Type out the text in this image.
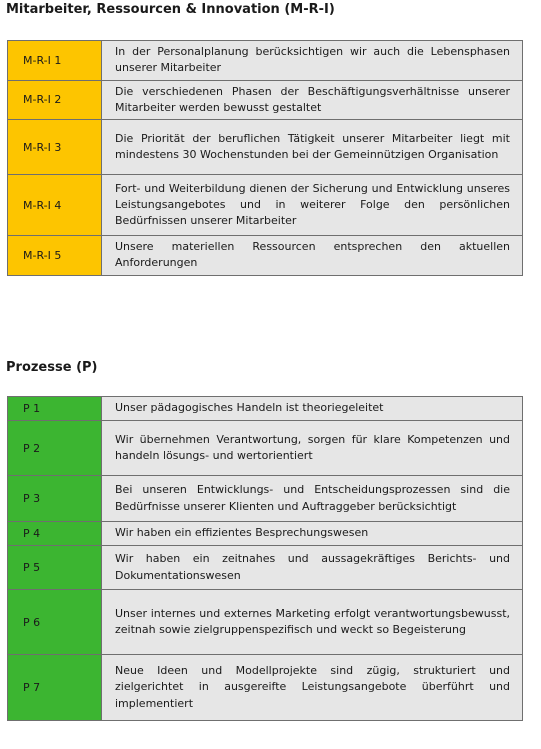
Mitarbeiter, Ressourcen & Innovation (M-R-I)
M-R-I 1	In der Personalplanung berücksichtigen wir auch die Lebensphasen unserer Mitarbeiter
M-R-I 2	Die verschiedenen Phasen der Beschäftigungsverhältnisse unserer Mitarbeiter werden bewusst gestaltet
M-R-I 3	Die Priorität der beruflichen Tätigkeit unserer Mitarbeiter liegt mit mindestens 30 Wochenstunden bei der Gemeinnützigen Organisation
M-R-I 4	Fort- und Weiterbildung dienen der Sicherung und Entwicklung unseres Leistungsangebotes und in weiterer Folge den persönlichen Bedürfnissen unserer Mitarbeiter
M-R-I 5	Unsere materiellen Ressourcen entsprechen den aktuellen Anforderungen
Prozesse (P)
P 1	Unser pädagogisches Handeln ist theoriegeleitet
P 2	Wir übernehmen Verantwortung, sorgen für klare Kompetenzen und handeln lösungs- und wertorientiert
P 3	Bei unseren Entwicklungs- und Entscheidungsprozessen sind die Bedürfnisse unserer Klienten und Auftraggeber berücksichtigt
P 4	Wir haben ein effizientes Besprechungswesen
P 5	Wir haben ein zeitnahes und aussagekräftiges Berichts- und Dokumentationswesen
P 6	Unser internes und externes Marketing erfolgt verantwortungsbewusst, zeitnah sowie zielgruppenspezifisch und weckt so Begeisterung
P 7	Neue Ideen und Modellprojekte sind zügig, strukturiert und zielgerichtet in ausgereifte Leistungsangebote überführt und implementiert
